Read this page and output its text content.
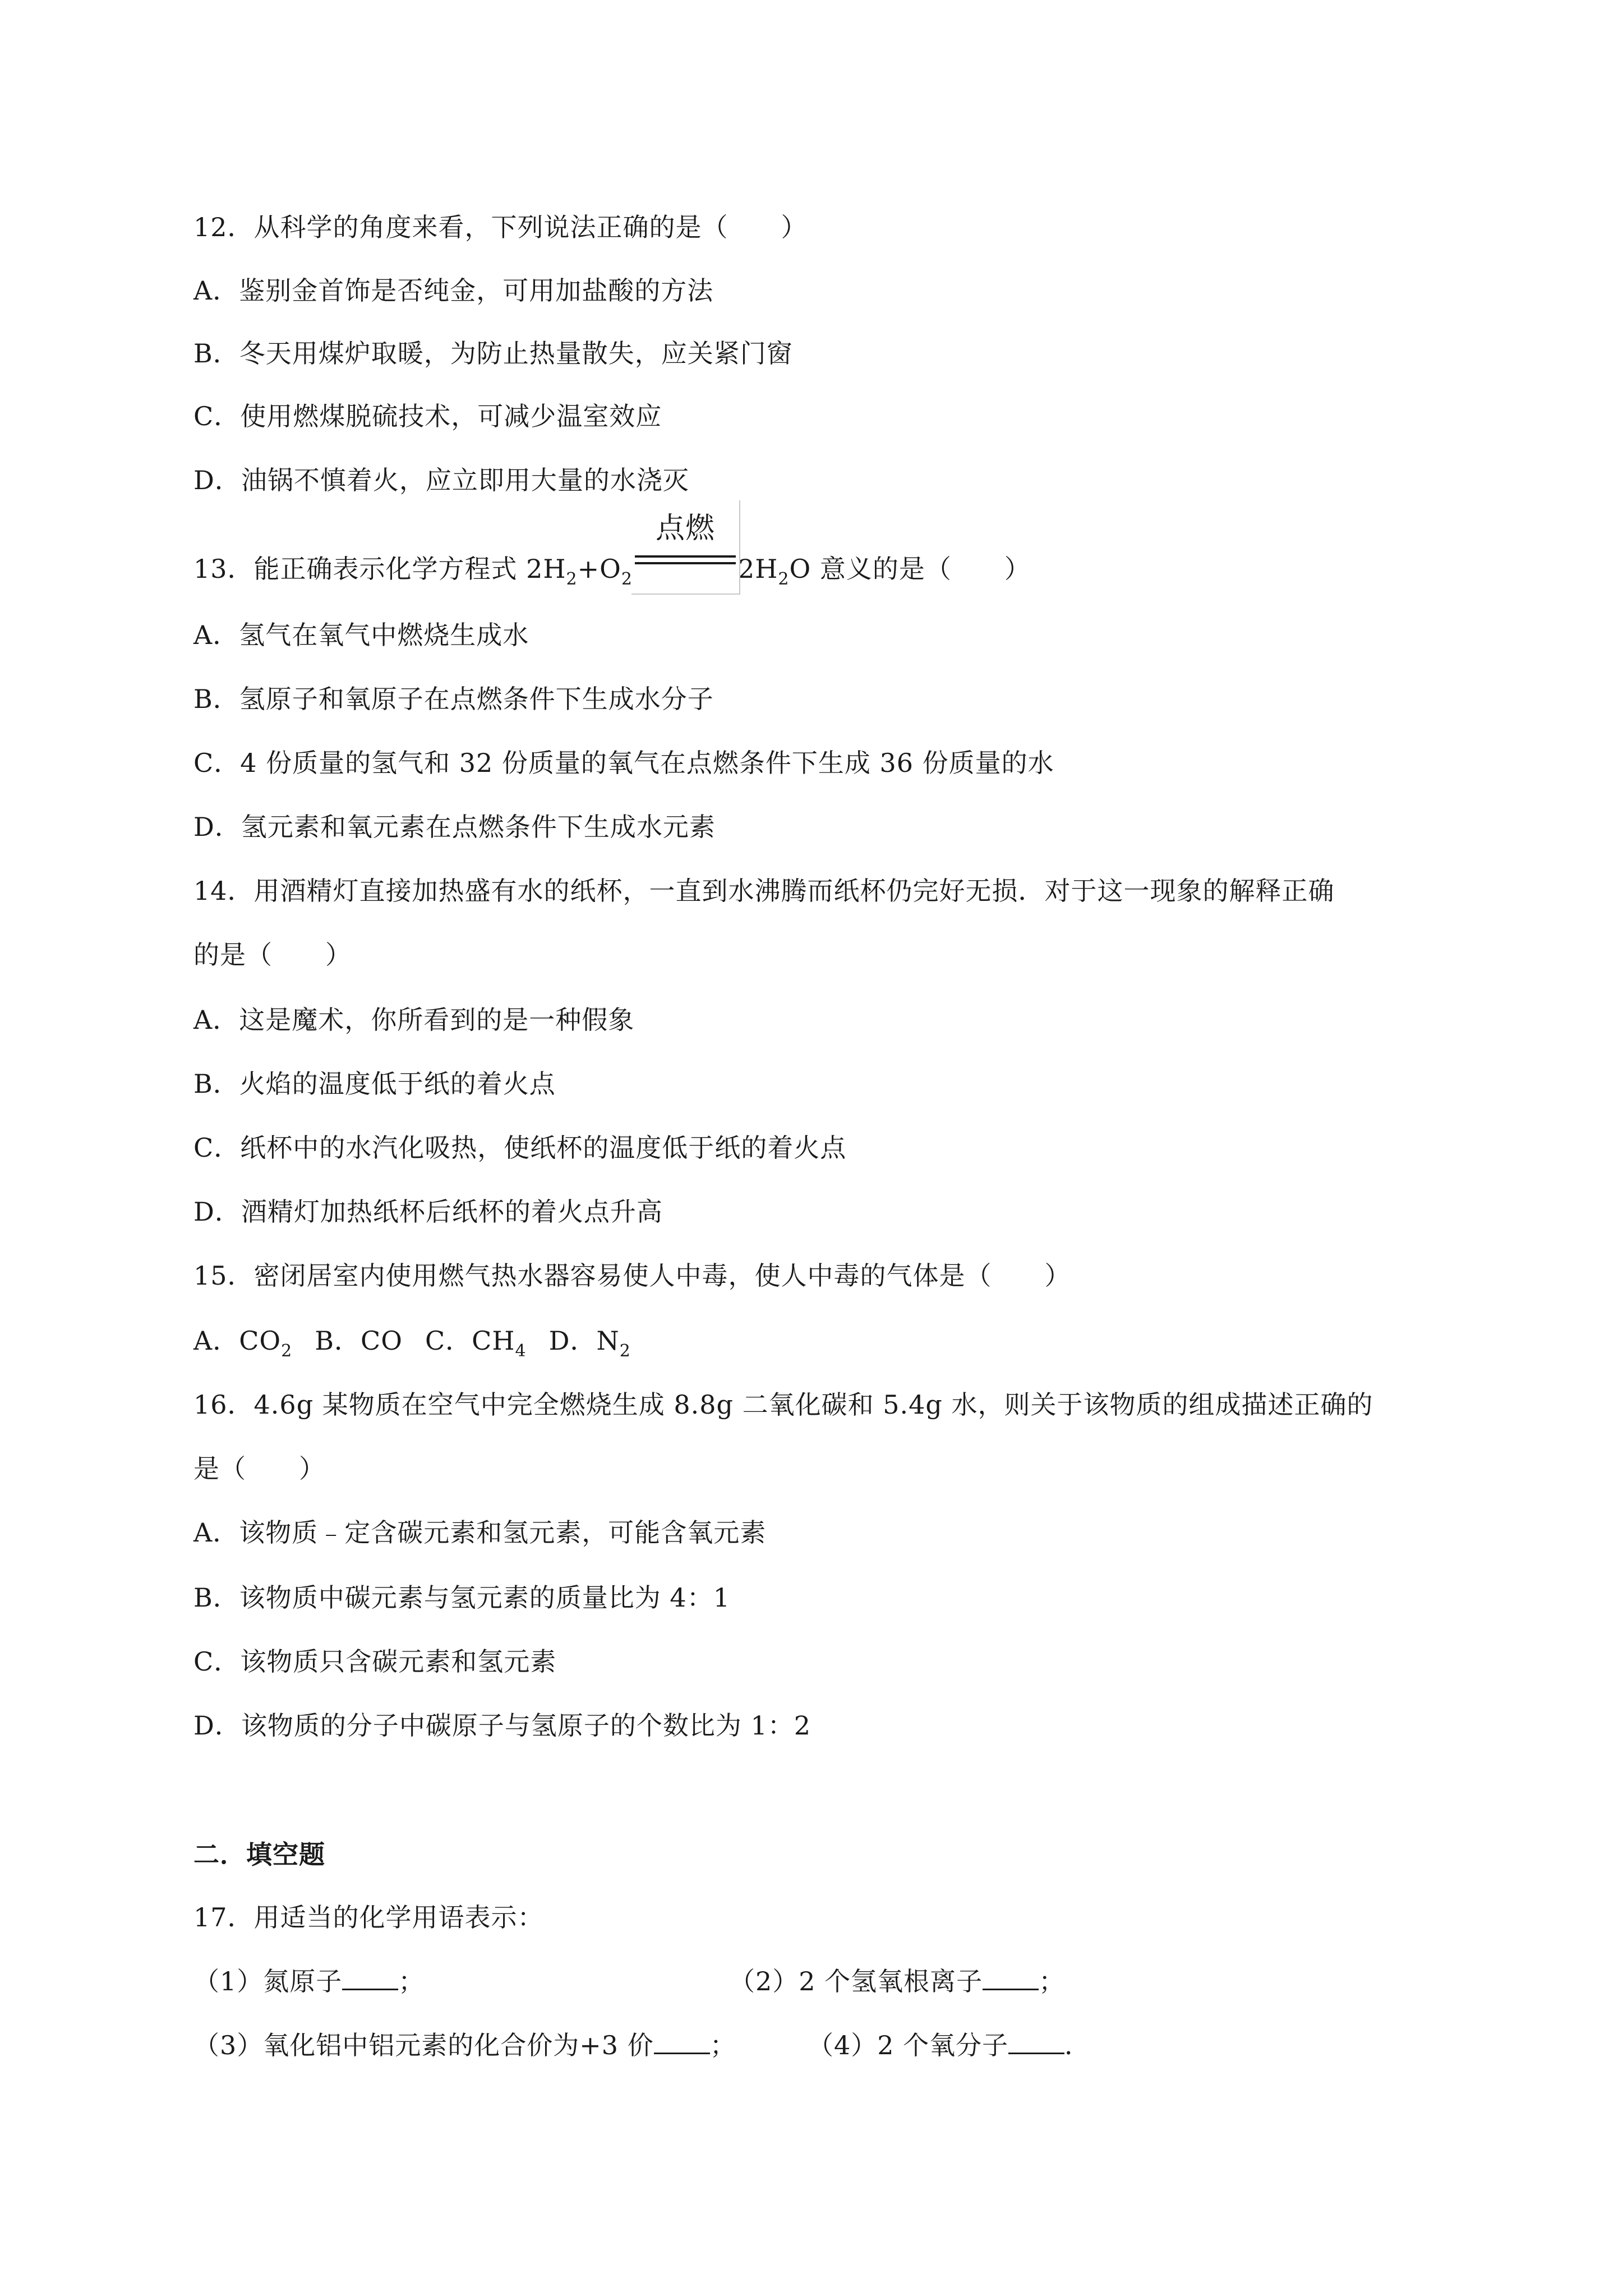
12．从科学的角度来看，下列说法正确的是（　　）
A．鉴别金首饰是否纯金，可用加盐酸的方法
B．冬天用煤炉取暖，为防止热量散失，应关紧门窗
C．使用燃煤脱硫技术，可减少温室效应
D．油锅不慎着火，应立即用大量的水浇灭
13．能正确表示化学方程式 $2H_2+O_2$
点燃
$2H_2O$ 意义的是（　　）
A．氢气在氧气中燃烧生成水
B．氢原子和氧原子在点燃条件下生成水分子
C．4 份质量的氢气和 32 份质量的氧气在点燃条件下生成 36 份质量的水
D．氢元素和氧元素在点燃条件下生成水元素
14．用酒精灯直接加热盛有水的纸杯，一直到水沸腾而纸杯仍完好无损．对于这一现象的解释正确
的是（　　）
A．这是魔术，你所看到的是一种假象
B．火焰的温度低于纸的着火点
C．纸杯中的水汽化吸热，使纸杯的温度低于纸的着火点
D．酒精灯加热纸杯后纸杯的着火点升高
15．密闭居室内使用燃气热水器容易使人中毒，使人中毒的气体是（　　）
A．$CO_2$ B．CO C．$CH_4$ D．$N_2$
16．4.6g 某物质在空气中完全燃烧生成 8.8g 二氧化碳和 5.4g 水，则关于该物质的组成描述正确的
是（　　）
A．该物质﹣定含碳元素和氢元素，可能含氧元素
B．该物质中碳元素与氢元素的质量比为 4：1
C．该物质只含碳元素和氢元素
D．该物质的分子中碳原子与氢原子的个数比为 1：2
二．填空题
17．用适当的化学用语表示：
（1）氮原子 ；	（2）2 个氢氧根离子 ；
（3）氧化铝中铝元素的化合价为+3 价 ；	（4）2 个氧分子 ．
